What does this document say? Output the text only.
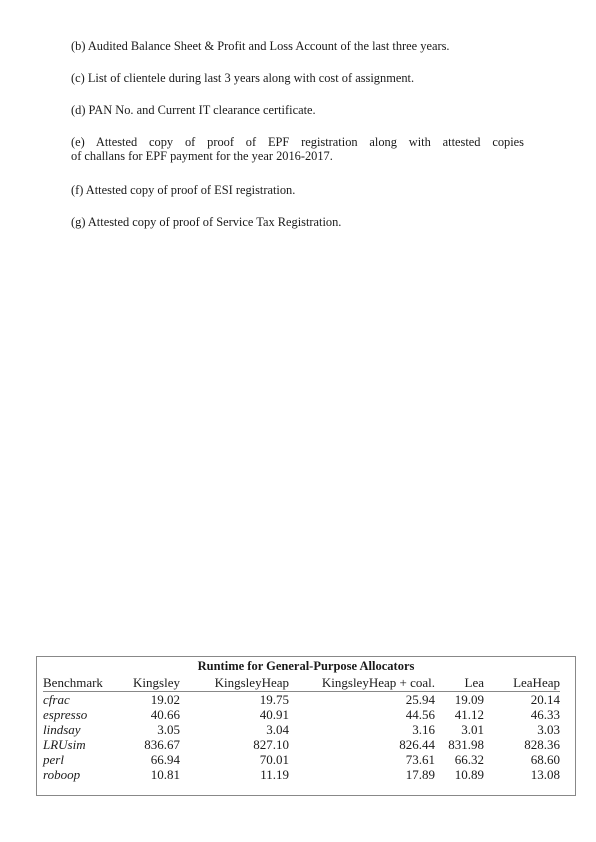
(b) Audited Balance Sheet & Profit and Loss Account of the last three years.
(c) List of clientele during last 3 years along with cost of assignment.
(d) PAN No. and Current IT clearance certificate.
(e) Attested copy of proof of EPF registration along with attested copies
of challans for EPF payment for the year 2016-2017.
(f) Attested copy of proof of ESI registration.
(g) Attested copy of proof of Service Tax Registration.
Runtime for General-Purpose Allocators
Benchmark	Kingsley	KingsleyHeap	KingsleyHeap + coal.	Lea	LeaHeap
cfrac	19.02	19.75	25.94	19.09	20.14
espresso	40.66	40.91	44.56	41.12	46.33
lindsay	3.05	3.04	3.16	3.01	3.03
LRUsim	836.67	827.10	826.44	831.98	828.36
perl	66.94	70.01	73.61	66.32	68.60
roboop	10.81	11.19	17.89	10.89	13.08
